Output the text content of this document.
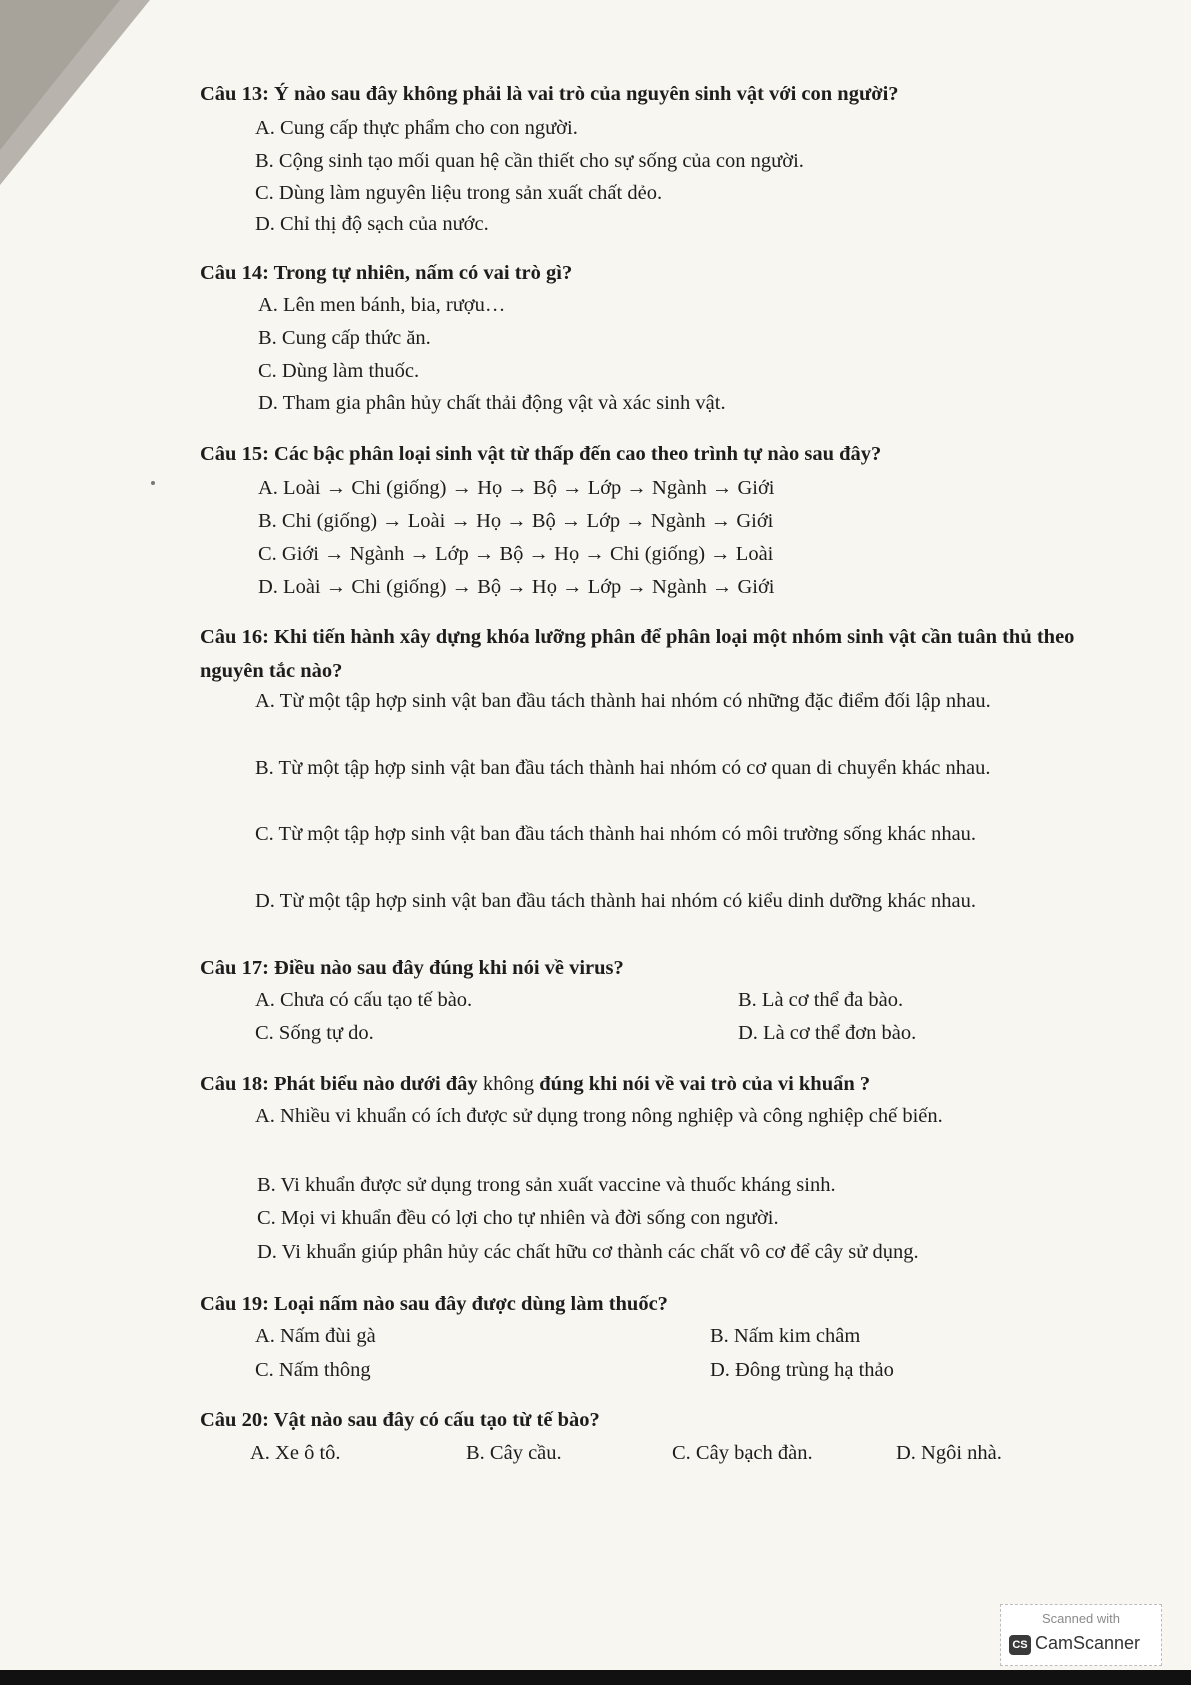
Câu 13: Ý nào sau đây không phải là vai trò của nguyên sinh vật với con người?
A. Cung cấp thực phẩm cho con người.
B. Cộng sinh tạo mối quan hệ cần thiết cho sự sống của con người.
C. Dùng làm nguyên liệu trong sản xuất chất dẻo.
D. Chỉ thị độ sạch của nước.
Câu 14: Trong tự nhiên, nấm có vai trò gì?
A. Lên men bánh, bia, rượu…
B. Cung cấp thức ăn.
C. Dùng làm thuốc.
D. Tham gia phân hủy chất thải động vật và xác sinh vật.
Câu 15: Các bậc phân loại sinh vật từ thấp đến cao theo trình tự nào sau đây?
A. Loài → Chi (giống) → Họ → Bộ → Lớp → Ngành → Giới
B. Chi (giống) → Loài → Họ → Bộ → Lớp → Ngành → Giới
C. Giới → Ngành → Lớp → Bộ → Họ → Chi (giống) → Loài
D. Loài → Chi (giống) → Bộ → Họ → Lớp → Ngành → Giới
Câu 16: Khi tiến hành xây dựng khóa lưỡng phân để phân loại một nhóm sinh vật cần tuân thủ theo nguyên tắc nào?
A. Từ một tập hợp sinh vật ban đầu tách thành hai nhóm có những đặc điểm đối lập nhau.
B. Từ một tập hợp sinh vật ban đầu tách thành hai nhóm có cơ quan di chuyển khác nhau.
C. Từ một tập hợp sinh vật ban đầu tách thành hai nhóm có môi trường sống khác nhau.
D. Từ một tập hợp sinh vật ban đầu tách thành hai nhóm có kiểu dinh dưỡng khác nhau.
Câu 17: Điều nào sau đây đúng khi nói về virus?
A. Chưa có cấu tạo tế bào.	B. Là cơ thể đa bào.
C. Sống tự do.	D. Là cơ thể đơn bào.
Câu 18: Phát biểu nào dưới đây không đúng khi nói về vai trò của vi khuẩn ?
A. Nhiều vi khuẩn có ích được sử dụng trong nông nghiệp và công nghiệp chế biến.
B. Vi khuẩn được sử dụng trong sản xuất vaccine và thuốc kháng sinh.
C. Mọi vi khuẩn đều có lợi cho tự nhiên và đời sống con người.
D. Vi khuẩn giúp phân hủy các chất hữu cơ thành các chất vô cơ để cây sử dụng.
Câu 19: Loại nấm nào sau đây được dùng làm thuốc?
A. Nấm đùi gà	B. Nấm kim châm
C. Nấm thông	D. Đông trùng hạ thảo
Câu 20: Vật nào sau đây có cấu tạo từ tế bào?
A. Xe ô tô.	B. Cây cầu.	C. Cây bạch đàn.	D. Ngôi nhà.
Scanned with
CS CamScanner
